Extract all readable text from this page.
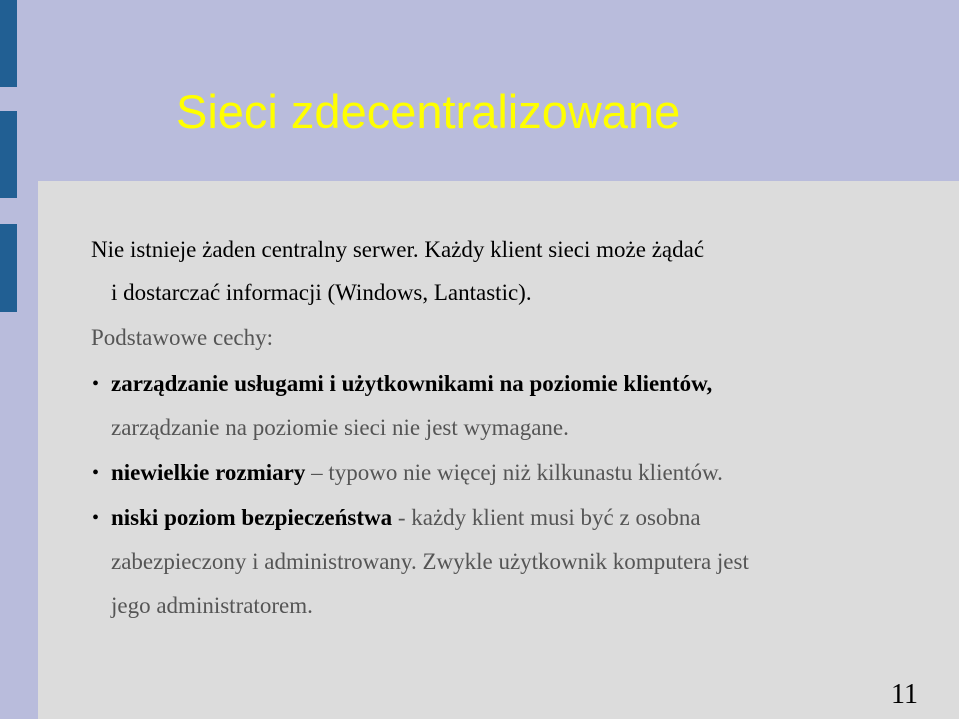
Sieci zdecentralizowane
Nie istnieje żaden centralny serwer. Każdy klient sieci może żądać
i dostarczać informacji (Windows, Lantastic).
Podstawowe cechy:
• zarządzanie usługami i użytkownikami na poziomie klientów,
zarządzanie na poziomie sieci nie jest wymagane.
• niewielkie rozmiary – typowo nie więcej niż kilkunastu klientów.
• niski poziom bezpieczeństwa - każdy klient musi być z osobna
zabezpieczony i administrowany. Zwykle użytkownik komputera jest
jego administratorem.
11
